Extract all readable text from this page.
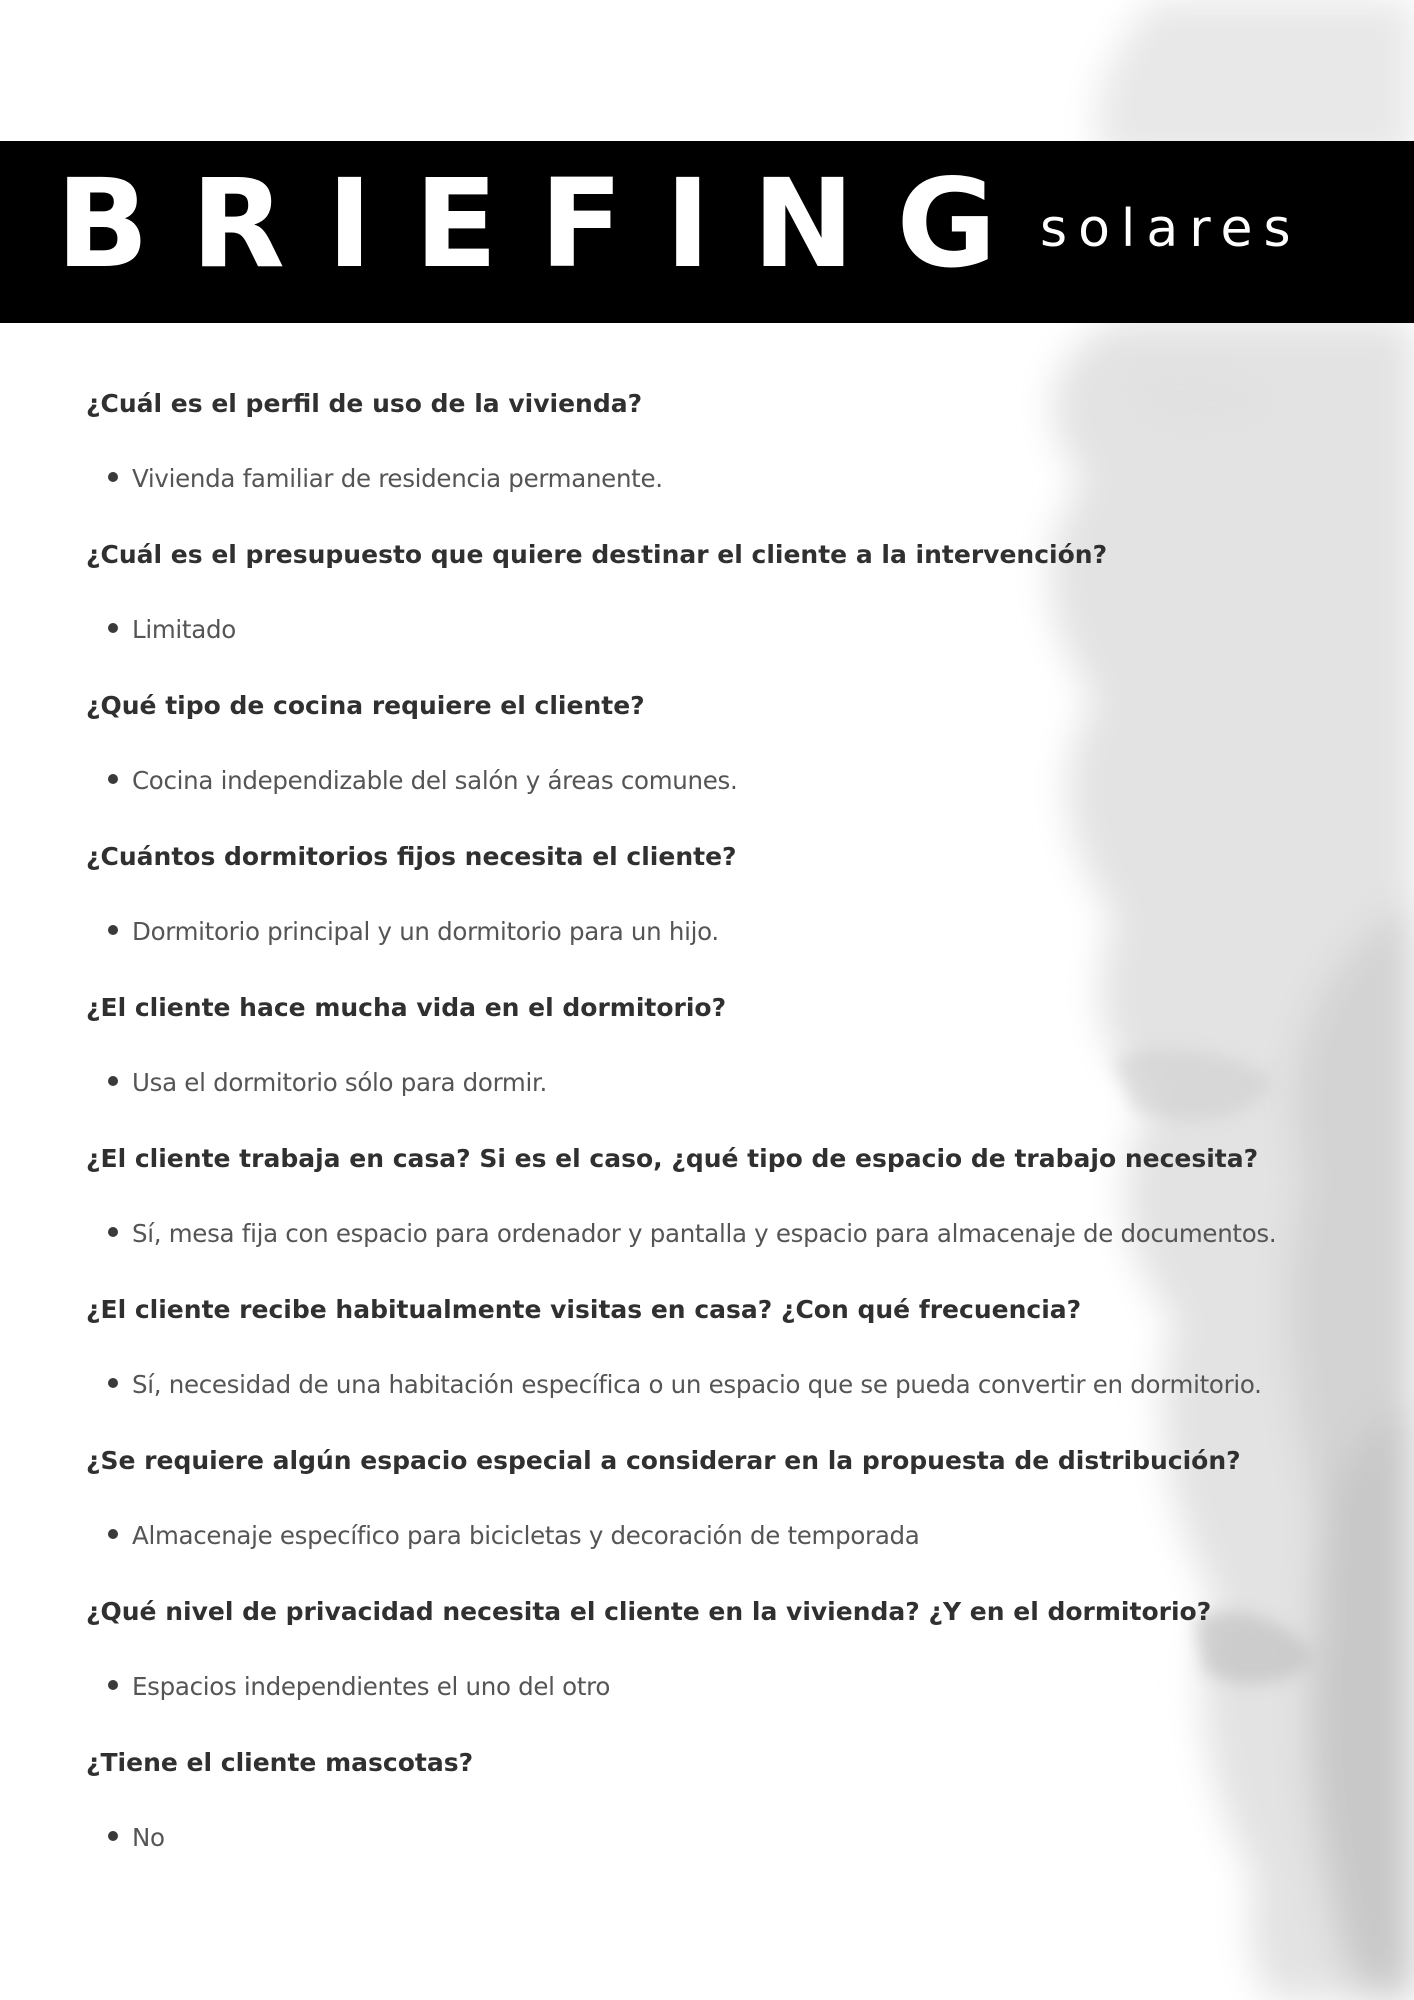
BRIEFING solares

¿Cuál es el perfil de uso de la vivienda?

Vivienda familiar de residencia permanente.

¿Cuál es el presupuesto que quiere destinar el cliente a la intervención?

Limitado

¿Qué tipo de cocina requiere el cliente?

Cocina independizable del salón y áreas comunes.

¿Cuántos dormitorios fijos necesita el cliente?

Dormitorio principal y un dormitorio para un hijo.

¿El cliente hace mucha vida en el dormitorio?

Usa el dormitorio sólo para dormir.

¿El cliente trabaja en casa? Si es el caso, ¿qué tipo de espacio de trabajo necesita?

Sí, mesa fija con espacio para ordenador y pantalla y espacio para almacenaje de documentos.

¿El cliente recibe habitualmente visitas en casa? ¿Con qué frecuencia?

Sí, necesidad de una habitación específica o un espacio que se pueda convertir en dormitorio.

¿Se requiere algún espacio especial a considerar en la propuesta de distribución?

Almacenaje específico para bicicletas y decoración de temporada

¿Qué nivel de privacidad necesita el cliente en la vivienda? ¿Y en el dormitorio?

Espacios independientes el uno del otro

¿Tiene el cliente mascotas?

No
